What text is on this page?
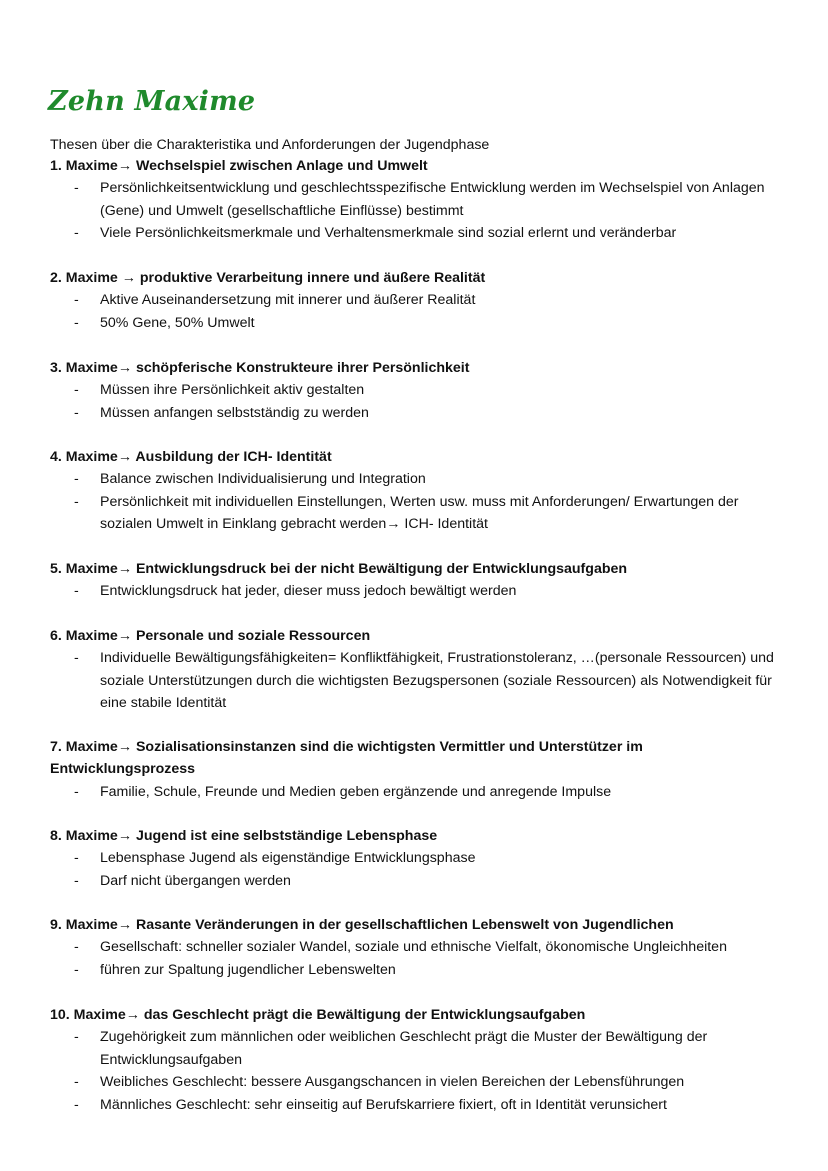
Zehn Maxime
Thesen über die Charakteristika und Anforderungen der Jugendphase
1. Maxime→ Wechselspiel zwischen Anlage und Umwelt
- Persönlichkeitsentwicklung und geschlechtsspezifische Entwicklung werden im Wechselspiel von Anlagen (Gene) und Umwelt (gesellschaftliche Einflüsse) bestimmt
- Viele Persönlichkeitsmerkmale und Verhaltensmerkmale sind sozial erlernt und veränderbar
2. Maxime → produktive Verarbeitung innere und äußere Realität
- Aktive Auseinandersetzung mit innerer und äußerer Realität
- 50% Gene, 50% Umwelt
3. Maxime→ schöpferische Konstrukteure ihrer Persönlichkeit
- Müssen ihre Persönlichkeit aktiv gestalten
- Müssen anfangen selbstständig zu werden
4. Maxime→ Ausbildung der ICH- Identität
- Balance zwischen Individualisierung und Integration
- Persönlichkeit mit individuellen Einstellungen, Werten usw. muss mit Anforderungen/ Erwartungen der sozialen Umwelt in Einklang gebracht werden→ ICH- Identität
5. Maxime→ Entwicklungsdruck bei der nicht Bewältigung der Entwicklungsaufgaben
- Entwicklungsdruck hat jeder, dieser muss jedoch bewältigt werden
6. Maxime→ Personale und soziale Ressourcen
- Individuelle Bewältigungsfähigkeiten= Konfliktfähigkeit, Frustrationstoleranz, …(personale Ressourcen) und soziale Unterstützungen durch die wichtigsten Bezugspersonen (soziale Ressourcen) als Notwendigkeit für eine stabile Identität
7. Maxime→ Sozialisationsinstanzen sind die wichtigsten Vermittler und Unterstützer im Entwicklungsprozess
- Familie, Schule, Freunde und Medien geben ergänzende und anregende Impulse
8. Maxime→ Jugend ist eine selbstständige Lebensphase
- Lebensphase Jugend als eigenständige Entwicklungsphase
- Darf nicht übergangen werden
9. Maxime→ Rasante Veränderungen in der gesellschaftlichen Lebenswelt von Jugendlichen
- Gesellschaft: schneller sozialer Wandel, soziale und ethnische Vielfalt, ökonomische Ungleichheiten
- führen zur Spaltung jugendlicher Lebenswelten
10. Maxime→ das Geschlecht prägt die Bewältigung der Entwicklungsaufgaben
- Zugehörigkeit zum männlichen oder weiblichen Geschlecht prägt die Muster der Bewältigung der Entwicklungsaufgaben
- Weibliches Geschlecht: bessere Ausgangschancen in vielen Bereichen der Lebensführungen
- Männliches Geschlecht: sehr einseitig auf Berufskarriere fixiert, oft in Identität verunsichert
